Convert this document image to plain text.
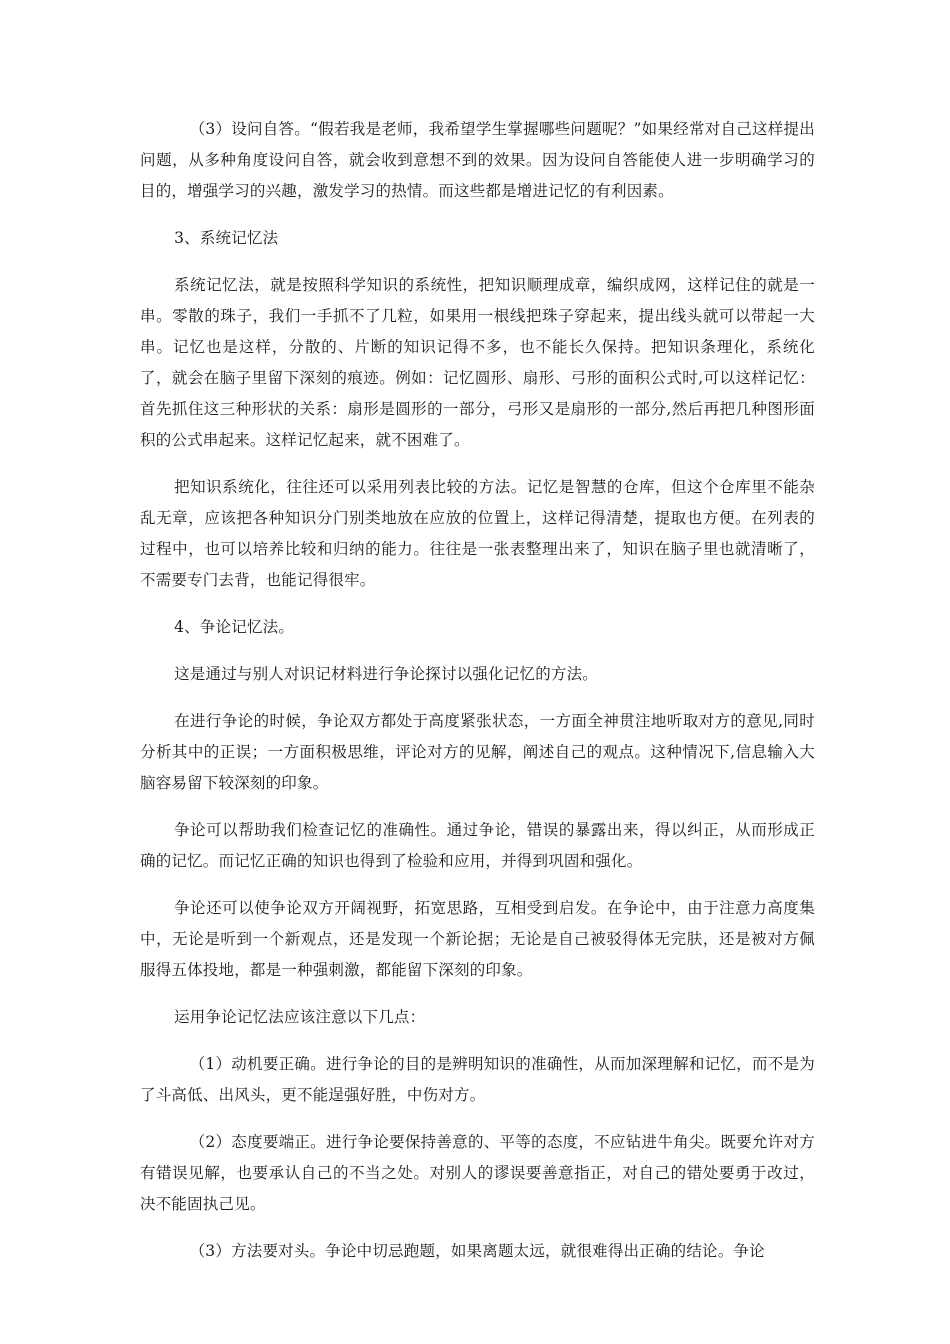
（3）设问自答。“假若我是老师，我希望学生掌握哪些问题呢？”如果经常对自己这样提出问题，从多种角度设问自答，就会收到意想不到的效果。因为设问自答能使人进一步明确学习的目的，增强学习的兴趣，激发学习的热情。而这些都是增进记忆的有利因素。

3、系统记忆法

系统记忆法，就是按照科学知识的系统性，把知识顺理成章，编织成网，这样记住的就是一串。零散的珠子，我们一手抓不了几粒，如果用一根线把珠子穿起来，提出线头就可以带起一大串。记忆也是这样，分散的、片断的知识记得不多，也不能长久保持。把知识条理化，系统化了，就会在脑子里留下深刻的痕迹。例如：记忆圆形、扇形、弓形的面积公式时,可以这样记忆：首先抓住这三种形状的关系：扇形是圆形的一部分，弓形又是扇形的一部分,然后再把几种图形面积的公式串起来。这样记忆起来，就不困难了。

把知识系统化，往往还可以采用列表比较的方法。记忆是智慧的仓库，但这个仓库里不能杂乱无章，应该把各种知识分门别类地放在应放的位置上，这样记得清楚，提取也方便。在列表的过程中，也可以培养比较和归纳的能力。往往是一张表整理出来了，知识在脑子里也就清晰了，不需要专门去背，也能记得很牢。

4、争论记忆法。

这是通过与别人对识记材料进行争论探讨以强化记忆的方法。

在进行争论的时候，争论双方都处于高度紧张状态，一方面全神贯注地听取对方的意见,同时分析其中的正误；一方面积极思维，评论对方的见解，阐述自己的观点。这种情况下,信息输入大脑容易留下较深刻的印象。

争论可以帮助我们检查记忆的准确性。通过争论，错误的暴露出来，得以纠正，从而形成正确的记忆。而记忆正确的知识也得到了检验和应用，并得到巩固和强化。

争论还可以使争论双方开阔视野，拓宽思路，互相受到启发。在争论中，由于注意力高度集中，无论是听到一个新观点，还是发现一个新论据；无论是自己被驳得体无完肤，还是被对方佩服得五体投地，都是一种强刺激，都能留下深刻的印象。

运用争论记忆法应该注意以下几点：

（1）动机要正确。进行争论的目的是辨明知识的准确性，从而加深理解和记忆，而不是为了斗高低、出风头，更不能逞强好胜，中伤对方。

（2）态度要端正。进行争论要保持善意的、平等的态度，不应钻进牛角尖。既要允许对方有错误见解，也要承认自己的不当之处。对别人的谬误要善意指正，对自己的错处要勇于改过，决不能固执己见。

（3）方法要对头。争论中切忌跑题，如果离题太远，就很难得出正确的结论。争论
